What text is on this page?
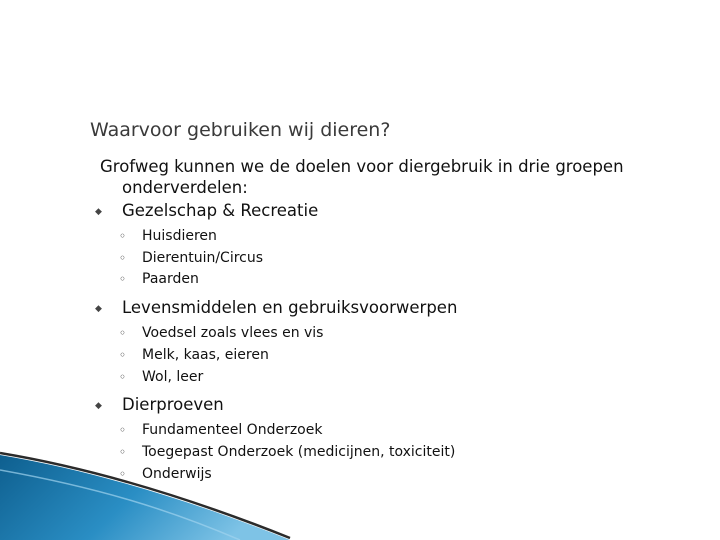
Waarvoor gebruiken wij dieren?

Grofweg kunnen we de doelen voor diergebruik in drie groepen
onderverdelen:

◆ Gezelschap & Recreatie
◦ Huisdieren
◦ Dierentuin/Circus
◦ Paarden
◆ Levensmiddelen en gebruiksvoorwerpen
◦ Voedsel zoals vlees en vis
◦ Melk, kaas, eieren
◦ Wol, leer
◆ Dierproeven
◦ Fundamenteel Onderzoek
◦ Toegepast Onderzoek (medicijnen, toxiciteit)
◦ Onderwijs
